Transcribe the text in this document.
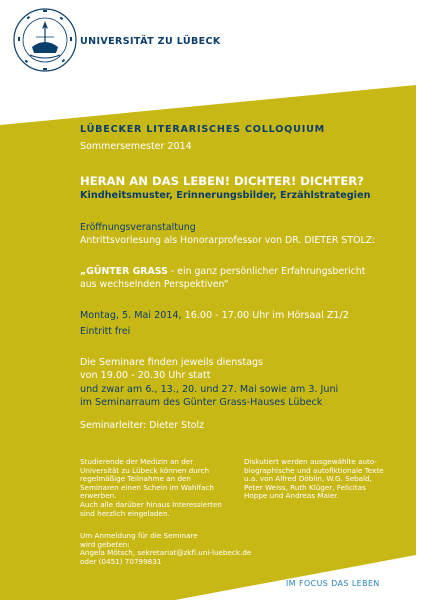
UNIVERSITÄT ZU LÜBECK
LÜBECKER LITERARISCHES COLLOQUIUM
Sommersemester 2014
HERAN AN DAS LEBEN! DICHTER! DICHTER?
Kindheitsmuster, Erinnerungsbilder, Erzählstrategien
Eröffnungsveranstaltung
Antrittsvorlesung als Honorarprofessor von DR. DIETER STOLZ:
„GÜNTER GRASS - ein ganz persönlicher Erfahrungsbericht
aus wechselnden Perspektiven“
Montag, 5. Mai 2014, 16.00 - 17.00 Uhr im Hörsaal Z1/2
Eintritt frei
Die Seminare finden jeweils dienstags
von 19.00 - 20.30 Uhr statt
und zwar am 6., 13., 20. und 27. Mai sowie am 3. Juni
im Seminarraum des Günter Grass-Hauses Lübeck
Seminarleiter: Dieter Stolz
Studierende der Medizin an der
Universität zu Lübeck können durch
regelmäßige Teilnahme an den
Seminaren einen Schein im Wahlfach
erwerben.
Auch alle darüber hinaus Interessierten
sind herzlich eingeladen.
Diskutiert werden ausgewählte auto-
biographische und autofiktionale Texte
u.a. von Alfred Döblin, W.G. Sebald,
Peter Weiss, Ruth Klüger, Felicitas
Hoppe und Andreas Maier.
Um Anmeldung für die Seminare
wird gebeten:
Angela Mötsch, sekretariat@zkfl.uni-luebeck.de
oder (0451) 70799831
IM FOCUS DAS LEBEN
